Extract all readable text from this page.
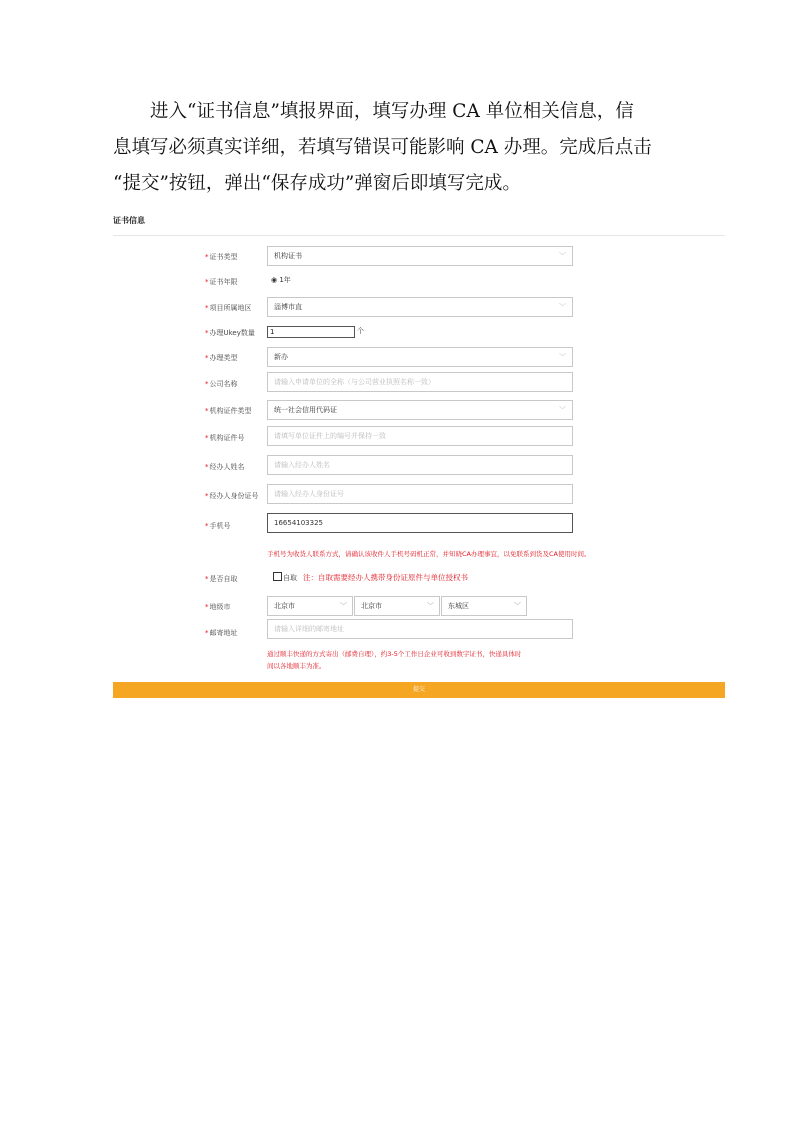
进入“证书信息”填报界面，填写办理 CA 单位相关信息，信

息填写必须真实详细，若填写错误可能影响 CA 办理。完成后点击
“提交”按钮，弹出“保存成功”弹窗后即填写完成。
证书信息
*证书类型	机构证书	﹀
*证书年限	◉ 1年
*项目所属地区	淄博市直	﹀
*办理Ukey数量	1	个
*办理类型	新办	﹀
*公司名称	请输入申请单位的全称（与公司营业执照名称一致）
*机构证件类型	统一社会信用代码证	﹀
*机构证件号	请填写单位证件上的编号并保持一致
*经办人姓名	请输入经办人姓名
*经办人身份证号	请输入经办人身份证号
*手机号	16654103325
手机号为收货人联系方式，请确认该收件人手机号码机正常，并知晓CA办理事宜，以免联系到货及CA使用时间。
*是否自取	自取 注：自取需要经办人携带身份证原件与单位授权书
*地级市	北京市	﹀	北京市	﹀	东城区	﹀
*邮寄地址	请输入详细的邮寄地址
通过顺丰快递的方式寄出（邮费自理），约3-5个工作日企业可收到数字证书，快递具体时
间以各地顺丰为准。
提交
